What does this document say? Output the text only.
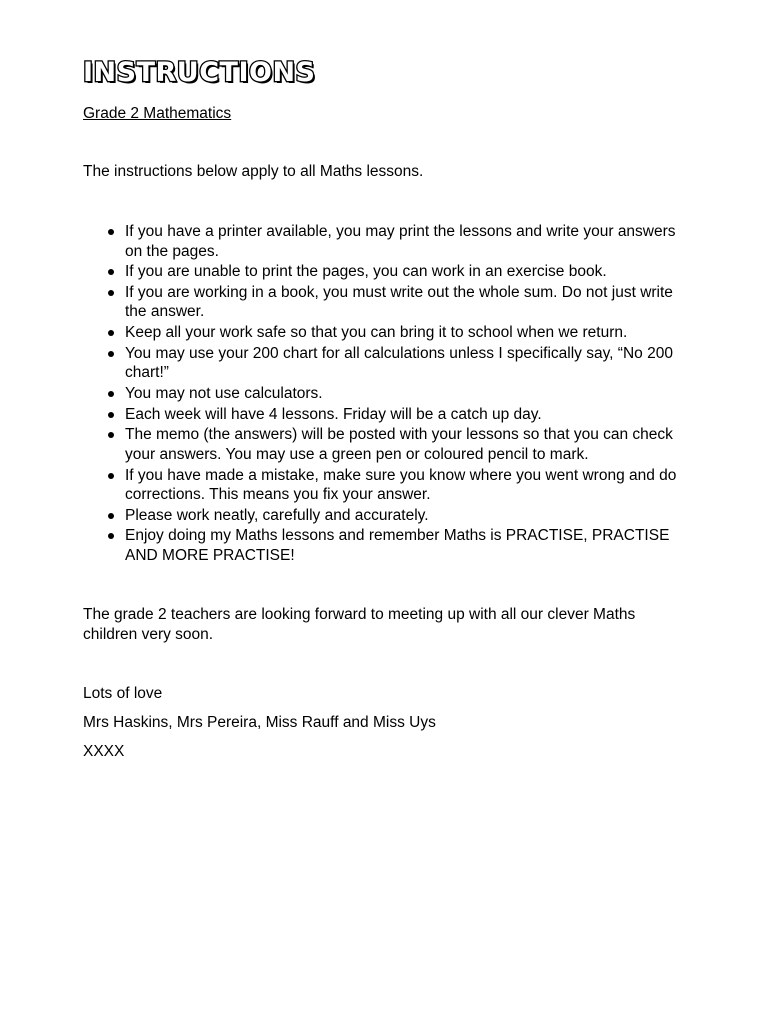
INSTRUCTIONS

Grade 2 Mathematics

The instructions below apply to all Maths lessons.

If you have a printer available, you may print the lessons and write your answers on the pages.
If you are unable to print the pages, you can work in an exercise book.
If you are working in a book, you must write out the whole sum. Do not just write the answer.
Keep all your work safe so that you can bring it to school when we return.
You may use your 200 chart for all calculations unless I specifically say, “No 200 chart!”
You may not use calculators.
Each week will have 4 lessons. Friday will be a catch up day.
The memo (the answers) will be posted with your lessons so that you can check your answers. You may use a green pen or coloured pencil to mark.
If you have made a mistake, make sure you know where you went wrong and do corrections. This means you fix your answer.
Please work neatly, carefully and accurately.
Enjoy doing my Maths lessons and remember Maths is PRACTISE, PRACTISE AND MORE PRACTISE!

The grade 2 teachers are looking forward to meeting up with all our clever Maths children very soon.

Lots of love

Mrs Haskins, Mrs Pereira, Miss Rauff and Miss Uys

XXXX
